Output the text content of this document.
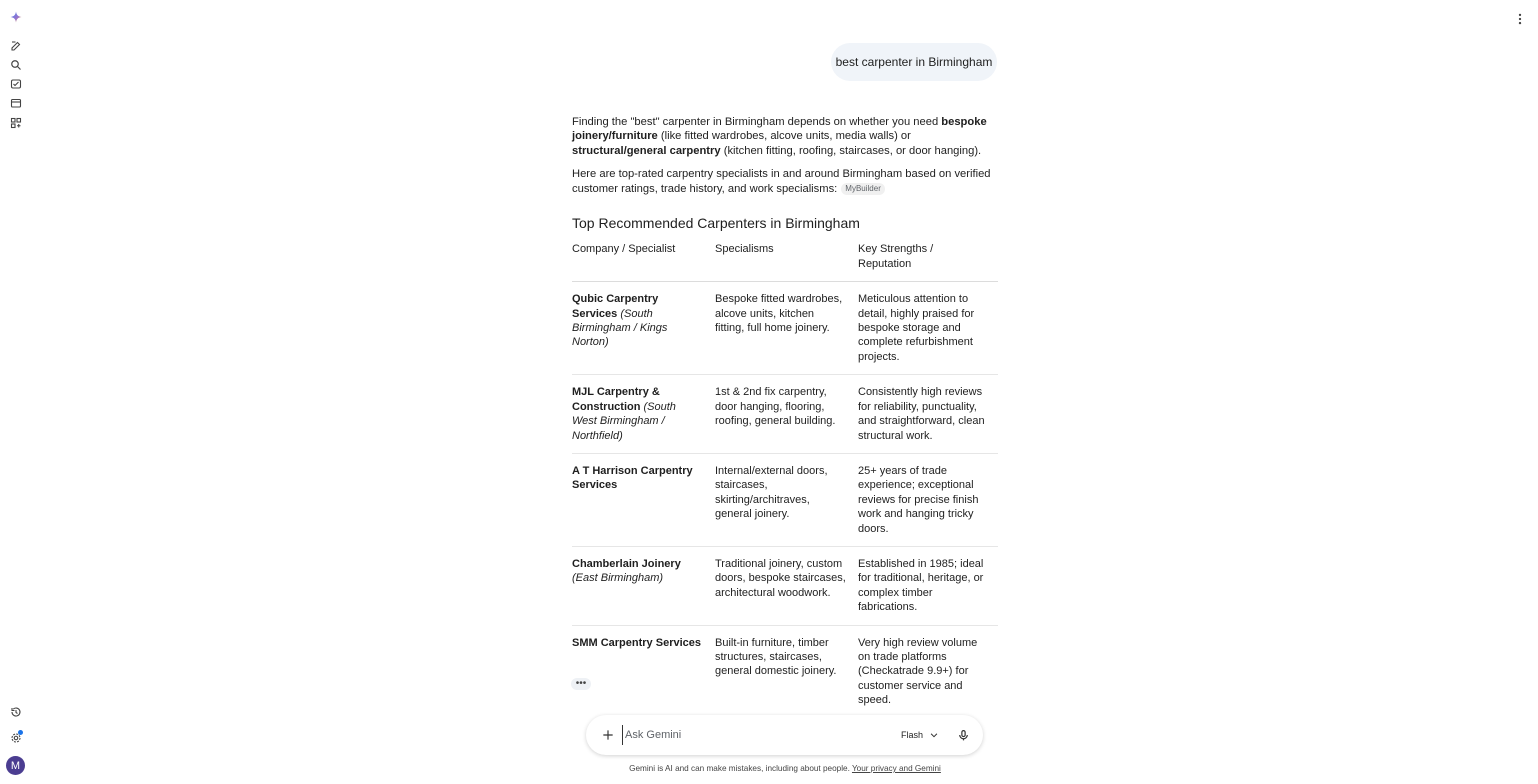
M
best carpenter in Birmingham

Finding the "best" carpenter in Birmingham depends on whether you need bespoke joinery/furniture (like fitted wardrobes, alcove units, media walls) or structural/general carpentry (kitchen fitting, roofing, staircases, or door hanging).

Here are top-rated carpentry specialists in and around Birmingham based on verified customer ratings, trade history, and work specialisms: MyBuilder

Top Recommended Carpenters in Birmingham
Company / Specialist	Specialisms	Key Strengths / Reputation
Qubic Carpentry Services (South Birmingham / Kings Norton)	Bespoke fitted wardrobes, alcove units, kitchen fitting, full home joinery.	Meticulous attention to detail, highly praised for bespoke storage and complete refurbishment projects.
MJL Carpentry & Construction (South West Birmingham / Northfield)	1st & 2nd fix carpentry, door hanging, flooring, roofing, general building.	Consistently high reviews for reliability, punctuality, and straightforward, clean structural work.
A T Harrison Carpentry Services	Internal/external doors, staircases, skirting/architraves, general joinery.	25+ years of trade experience; exceptional reviews for precise finish work and hanging tricky doors.
Chamberlain Joinery (East Birmingham)	Traditional joinery, custom doors, bespoke staircases, architectural woodwork.	Established in 1985; ideal for traditional, heritage, or complex timber fabrications.
SMM Carpentry Services	Built-in furniture, timber structures, staircases, general domestic joinery.	Very high review volume on trade platforms (Checkatrade 9.9+) for customer service and speed.
•••
Ask Gemini
Flash
Gemini is AI and can make mistakes, including about people. Your privacy and Gemini
